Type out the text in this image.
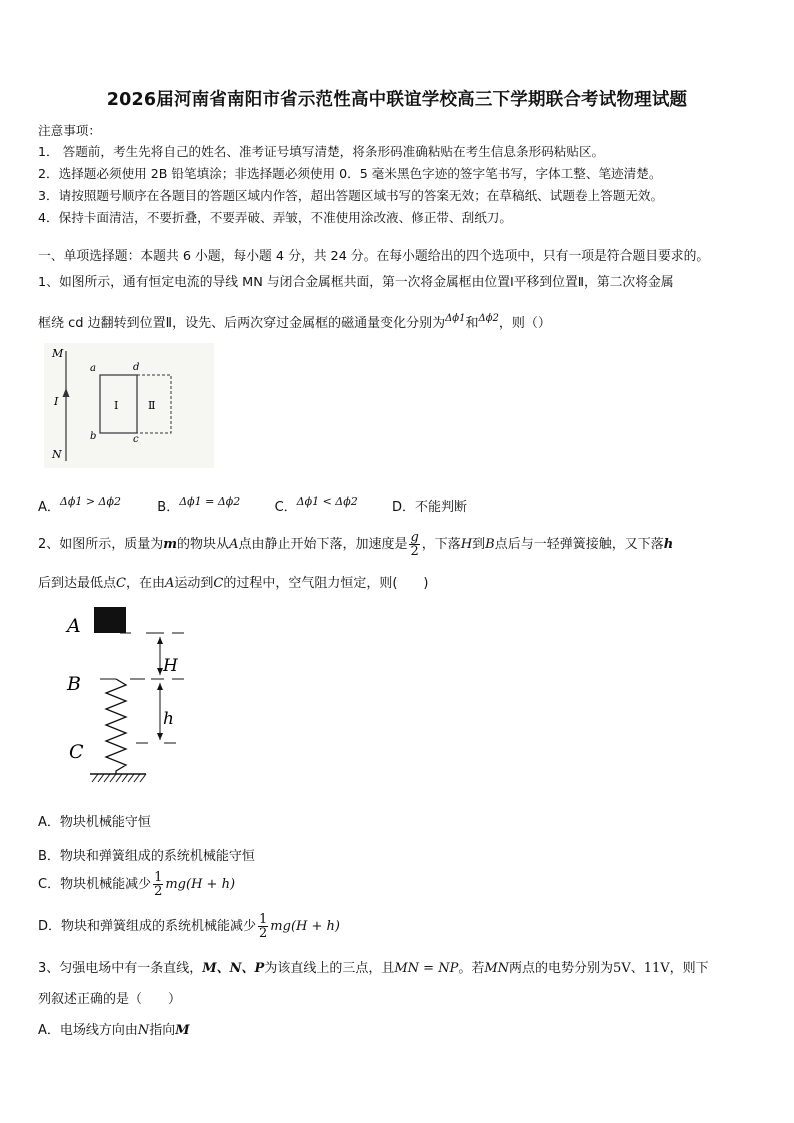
2026届河南省南阳市省示范性高中联谊学校高三下学期联合考试物理试题
注意事项：
1． 答题前，考生先将自己的姓名、准考证号填写清楚，将条形码准确粘贴在考生信息条形码粘贴区。
2．选择题必须使用 2B 铅笔填涂；非选择题必须使用 0．5 毫米黑色字迹的签字笔书写，字体工整、笔迹清楚。
3．请按照题号顺序在各题目的答题区域内作答，超出答题区域书写的答案无效；在草稿纸、试题卷上答题无效。
4．保持卡面清洁，不要折叠，不要弄破、弄皱，不准使用涂改液、修正带、刮纸刀。
一、单项选择题：本题共 6 小题，每小题 4 分，共 24 分。在每小题给出的四个选项中，只有一项是符合题目要求的。
1、如图所示，通有恒定电流的导线 MN 与闭合金属框共面，第一次将金属框由位置Ⅰ平移到位置Ⅱ，第二次将金属
框绕 cd 边翻转到位置Ⅱ，设先、后两次穿过金属框的磁通量变化分别为$^{\Delta\phi 1}$和$^{\Delta\phi 2}$，则（）
M
I
N
a
b	c
d
Ⅰ	Ⅱ
A．$^{\Delta\phi 1 > \Delta\phi 2}$	B．$^{\Delta\phi 1 = \Delta\phi 2}$	C．$^{\Delta\phi 1 < \Delta\phi 2}$	D．不能判断
2、如图所示，质量为m的物块从A点由静止开始下落，加速度是 $\frac{g}{2}$ ，下落H到B点后与一轻弹簧接触，又下落h
后到达最低点C，在由A运动到C的过程中，空气阻力恒定，则(　　)
A
B
C
H
h
A．物块机械能守恒
B．物块和弹簧组成的系统机械能守恒
C．物块机械能减少 $\frac{1}{2} mg(H + h)$
D．物块和弹簧组成的系统机械能减少 $\frac{1}{2} mg(H + h)$
3、匀强电场中有一条直线，M、N、P为该直线上的三点，且MN = NP。若MN两点的电势分别为5V、11V，则下
列叙述正确的是（　　）
A．电场线方向由N指向M
